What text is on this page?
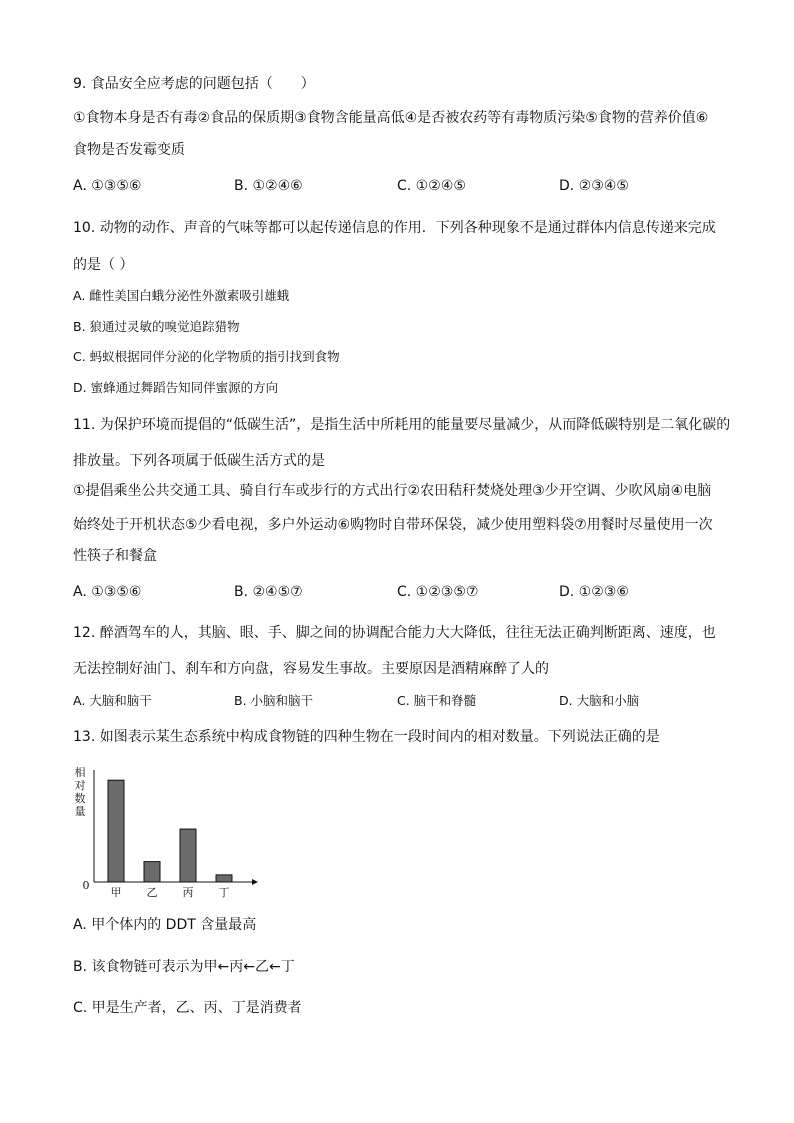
9. 食品安全应考虑的问题包括（　　）
①食物本身是否有毒②食品的保质期③食物含能量高低④是否被农药等有毒物质污染⑤食物的营养价值⑥
食物是否发霉变质
A. ①③⑤⑥	B. ①②④⑥	C. ①②④⑤	D. ②③④⑤
10. 动物的动作、声音的气味等都可以起传递信息的作用．下列各种现象不是通过群体内信息传递来完成
的是（ ）
A. 雌性美国白蛾分泌性外激素吸引雄蛾
B. 狼通过灵敏的嗅觉追踪猎物
C. 蚂蚁根据同伴分泌的化学物质的指引找到食物
D. 蜜蜂通过舞蹈告知同伴蜜源的方向
11. 为保护环境而提倡的“低碳生活”，是指生活中所耗用的能量要尽量减少，从而降低碳特别是二氧化碳的
排放量。下列各项属于低碳生活方式的是
①提倡乘坐公共交通工具、骑自行车或步行的方式出行②农田秸秆焚烧处理③少开空调、少吹风扇④电脑
始终处于开机状态⑤少看电视，多户外运动⑥购物时自带环保袋，减少使用塑料袋⑦用餐时尽量使用一次
性筷子和餐盒
A. ①③⑤⑥	B. ②④⑤⑦	C. ①②③⑤⑦	D. ①②③⑥
12. 醉酒驾车的人，其脑、眼、手、脚之间的协调配合能力大大降低，往往无法正确判断距离、速度，也
无法控制好油门、刹车和方向盘，容易发生事故。主要原因是酒精麻醉了人的
A. 大脑和脑干	B. 小脑和脑干	C. 脑干和脊髓	D. 大脑和小脑
13. 如图表示某生态系统中构成食物链的四种生物在一段时间内的相对数量。下列说法正确的是
相
对
数
量
0
甲 乙 丙 丁
A. 甲个体内的 DDT 含量最高
B. 该食物链可表示为甲←丙←乙←丁
C. 甲是生产者，乙、丙、丁是消费者
